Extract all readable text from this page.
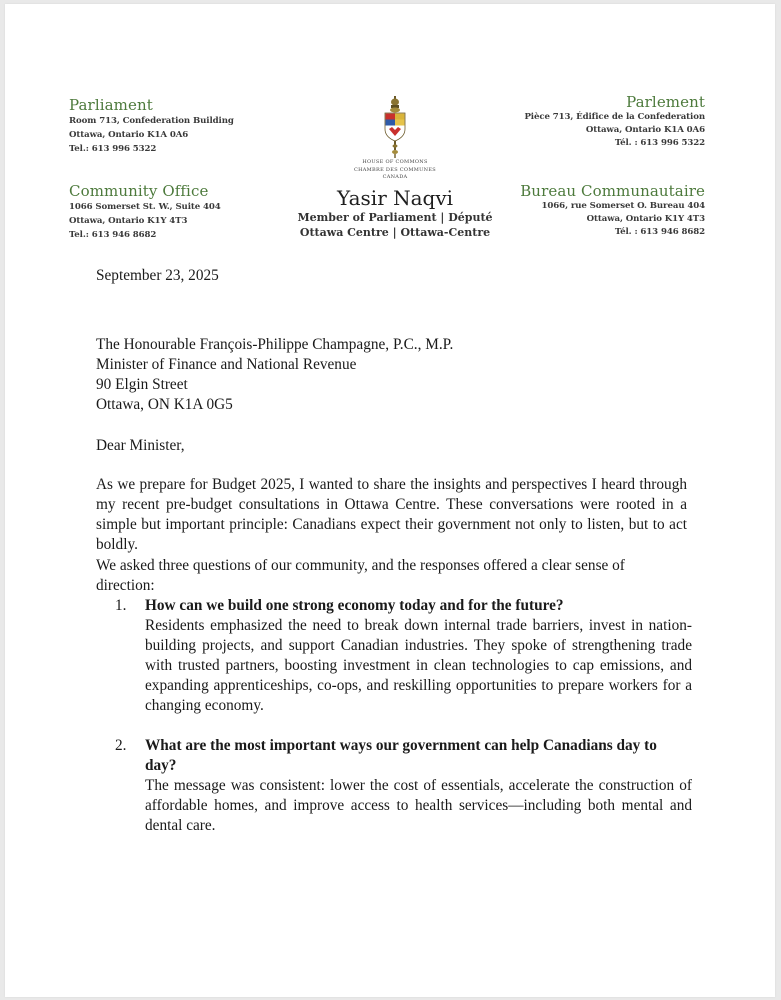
Parliament
Room 713, Confederation Building
Ottawa, Ontario K1A 0A6
Tel.: 613 996 5322
Community Office
1066 Somerset St. W., Suite 404
Ottawa, Ontario K1Y 4T3
Tel.: 613 946 8682
Parlement
Pièce 713, Édifice de la Confederation
Ottawa, Ontario K1A 0A6
Tél. : 613 996 5322
Bureau Communautaire
1066, rue Somerset O. Bureau 404
Ottawa, Ontario K1Y 4T3
Tél. : 613 946 8682
HOUSE OF COMMONS
CHAMBRE DES COMMUNES
CANADA
Yasir Naqvi
Member of Parliament | Député
Ottawa Centre | Ottawa-Centre
September 23, 2025
The Honourable François-Philippe Champagne, P.C., M.P.
Minister of Finance and National Revenue
90 Elgin Street
Ottawa, ON K1A 0G5
Dear Minister,
As we prepare for Budget 2025, I wanted to share the insights and perspectives I heard through my recent pre-budget consultations in Ottawa Centre. These conversations were rooted in a simple but important principle: Canadians expect their government not only to listen, but to act boldly.
We asked three questions of our community, and the responses offered a clear sense of direction:
1. How can we build one strong economy today and for the future?
Residents emphasized the need to break down internal trade barriers, invest in nation-building projects, and support Canadian industries. They spoke of strengthening trade with trusted partners, boosting investment in clean technologies to cap emissions, and expanding apprenticeships, co-ops, and reskilling opportunities to prepare workers for a changing economy.
2. What are the most important ways our government can help Canadians day to day?
The message was consistent: lower the cost of essentials, accelerate the construction of affordable homes, and improve access to health services—including both mental and dental care.
